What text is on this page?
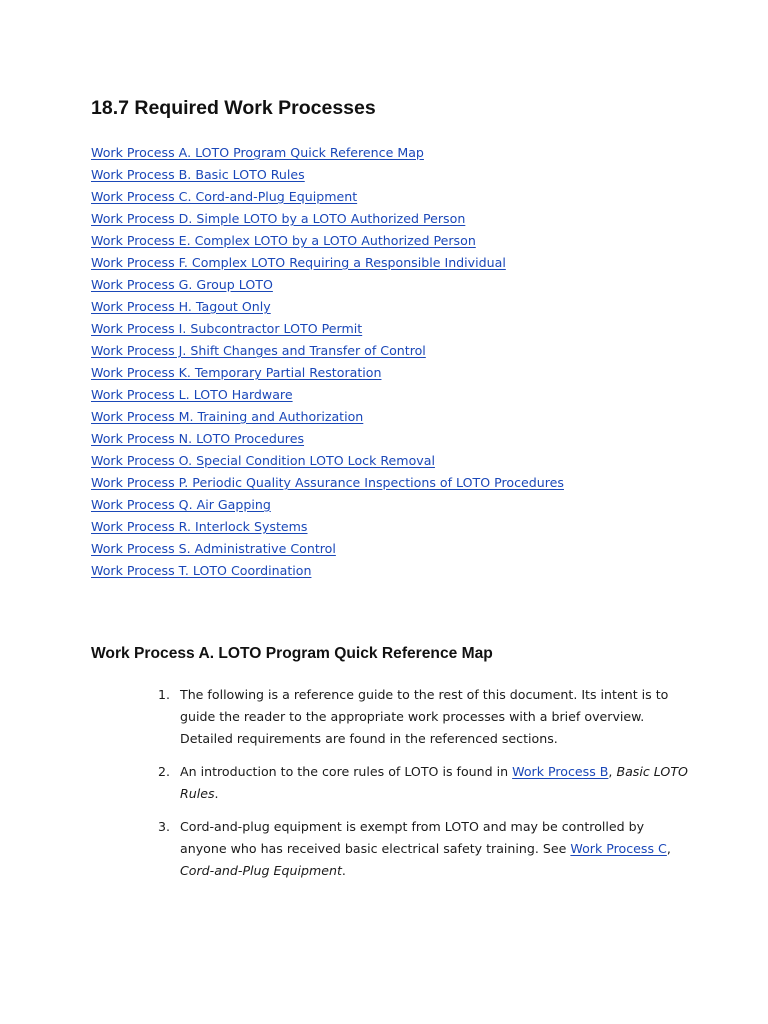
18.7 Required Work Processes
Work Process A. LOTO Program Quick Reference Map
Work Process B. Basic LOTO Rules
Work Process C. Cord-and-Plug Equipment
Work Process D. Simple LOTO by a LOTO Authorized Person
Work Process E. Complex LOTO by a LOTO Authorized Person
Work Process F. Complex LOTO Requiring a Responsible Individual
Work Process G. Group LOTO
Work Process H. Tagout Only
Work Process I. Subcontractor LOTO Permit
Work Process J. Shift Changes and Transfer of Control
Work Process K. Temporary Partial Restoration
Work Process L. LOTO Hardware
Work Process M. Training and Authorization
Work Process N. LOTO Procedures
Work Process O. Special Condition LOTO Lock Removal
Work Process P. Periodic Quality Assurance Inspections of LOTO Procedures
Work Process Q. Air Gapping
Work Process R. Interlock Systems
Work Process S. Administrative Control
Work Process T. LOTO Coordination
Work Process A. LOTO Program Quick Reference Map
1. The following is a reference guide to the rest of this document. Its intent is to guide the reader to the appropriate work processes with a brief overview. Detailed requirements are found in the referenced sections.
2. An introduction to the core rules of LOTO is found in Work Process B, Basic LOTO Rules.
3. Cord-and-plug equipment is exempt from LOTO and may be controlled by anyone who has received basic electrical safety training. See Work Process C, Cord-and-Plug Equipment.
